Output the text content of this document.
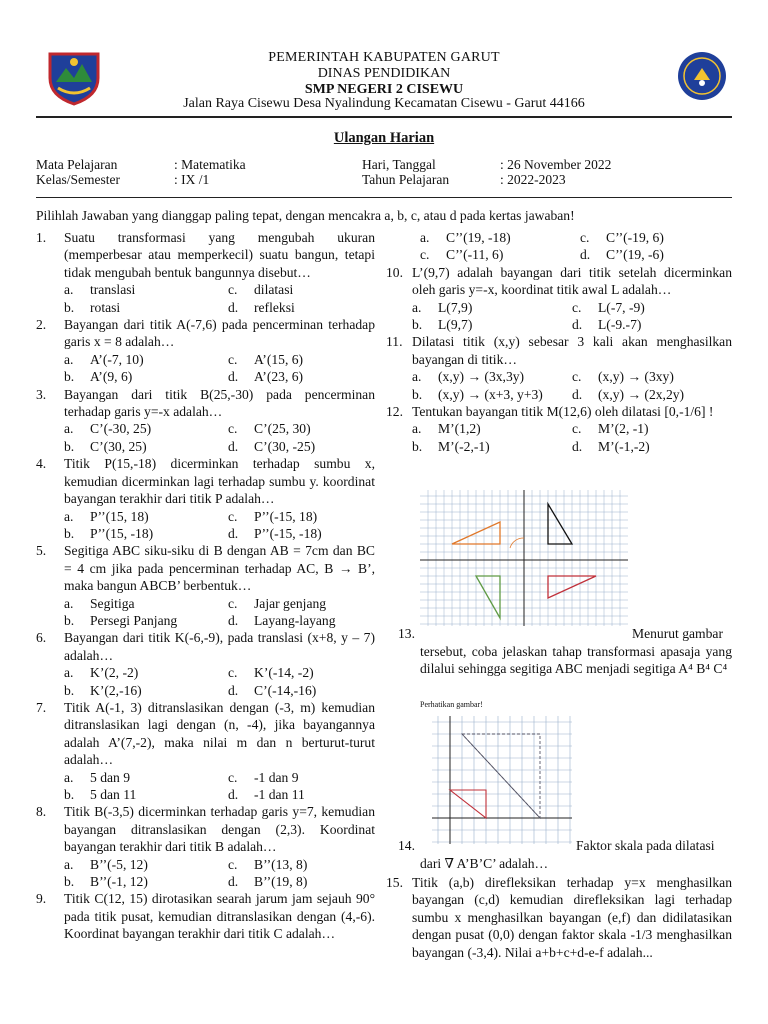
PEMERINTAH KABUPATEN GARUT
DINAS PENDIDIKAN
SMP NEGERI 2 CISEWU
Jalan Raya Cisewu Desa Nyalindung Kecamatan Cisewu - Garut 44166
Ulangan Harian
Mata Pelajaran	: Matematika
Kelas/Semester	: IX /1
Hari, Tanggal	: 26 November 2022
Tahun Pelajaran	: 2022-2023
Pilihlah Jawaban yang dianggap paling tepat, dengan mencakra a, b, c, atau d pada kertas jawaban!
1. Suatu transformasi yang mengubah ukuran (memperbesar atau memperkecil) suatu bangun, tetapi tidak mengubah bentuk bangunnya disebut…
a. translasi	c. dilatasi
b. rotasi	d. refleksi
2. Bayangan dari titik A(-7,6) pada pencerminan terhadap garis x = 8 adalah…
a. A’(-7, 10)	c. A’(15, 6)
b. A’(9, 6)	d. A’(23, 6)
3. Bayangan dari titik B(25,-30) pada pencerminan terhadap garis y=-x adalah…
a. C’(-30, 25)	c. C’(25, 30)
b. C’(30, 25)	d. C’(30, -25)
4. Titik P(15,-18) dicerminkan terhadap sumbu x, kemudian dicerminkan lagi terhadap sumbu y. koordinat bayangan terakhir dari titik P adalah…
a. P’’(15, 18)	c. P’’(-15, 18)
b. P’’(15, -18)	d. P’’(-15, -18)
5. Segitiga ABC siku-siku di B dengan AB = 7cm dan BC = 4 cm jika pada pencerminan terhadap AC, B → B’, maka bangun ABCB’ berbentuk…
a. Segitiga	c. Jajar genjang
b. Persegi Panjang	d. Layang-layang
6. Bayangan dari titik K(-6,-9), pada translasi (x+8, y – 7) adalah…
a. K’(2, -2)	c. K’(-14, -2)
b. K’(2,-16)	d. C’(-14,-16)
7. Titik A(-1, 3) ditranslasikan dengan (-3, m) kemudian ditranslasikan lagi dengan (n, -4), jika bayangannya adalah A’(7,-2), maka nilai m dan n berturut-turut adalah…
a. 5 dan 9	c. -1 dan 9
b. 5 dan 11	d. -1 dan 11
8. Titik B(-3,5) dicerminkan terhadap garis y=7, kemudian bayangan ditranslasikan dengan (2,3). Koordinat bayangan terakhir dari titik B adalah…
a. B’’(-5, 12)	c. B’’(13, 8)
b. B’’(-1, 12)	d. B’’(19, 8)
9. Titik C(12, 15) dirotasikan searah jarum jam sejauh 90° pada titik pusat, kemudian ditranslasikan dengan (4,-6). Koordinat bayangan terakhir dari titik C adalah…
a. C’’(19, -18)	c. C’’(-19, 6)
c. C’’(-11, 6)	d. C’’(19, -6)
10. L’(9,7) adalah bayangan dari titik setelah dicerminkan oleh garis y=-x, koordinat titik awal L adalah…
a. L(7,9)	c. L(-7, -9)
b. L(9,7)	d. L(-9.-7)
11. Dilatasi titik (x,y) sebesar 3 kali akan menghasilkan bayangan di titik…
a. (x,y) → (3x,3y)	c. (x,y) → (3xy)
b. (x,y) → (x+3, y+3)	d. (x,y) → (2x,2y)
12. Tentukan bayangan titik M(12,6) oleh dilatasi [0,-1/6] !
a. M’(1,2)	c. M’(2, -1)
b. M’(-2,-1)	d. M’(-1,-2)
13.	Menurut gambar
tersebut, coba jelaskan tahap transformasi apasaja yang dilalui sehingga segitiga ABC menjadi segitiga A⁴ B⁴ C⁴
Perhatikan gambar!
14.	Faktor skala pada dilatasi
dari ∇ A’B’C’ adalah…
15. Titik (a,b) direfleksikan terhadap y=x menghasilkan bayangan (c,d) kemudian direfleksikan lagi terhadap sumbu x menghasilkan bayangan (e,f) dan didilatasikan dengan pusat (0,0) dengan faktor skala -1/3 menghasilkan bayangan (-3,4). Nilai a+b+c+d-e-f adalah...
